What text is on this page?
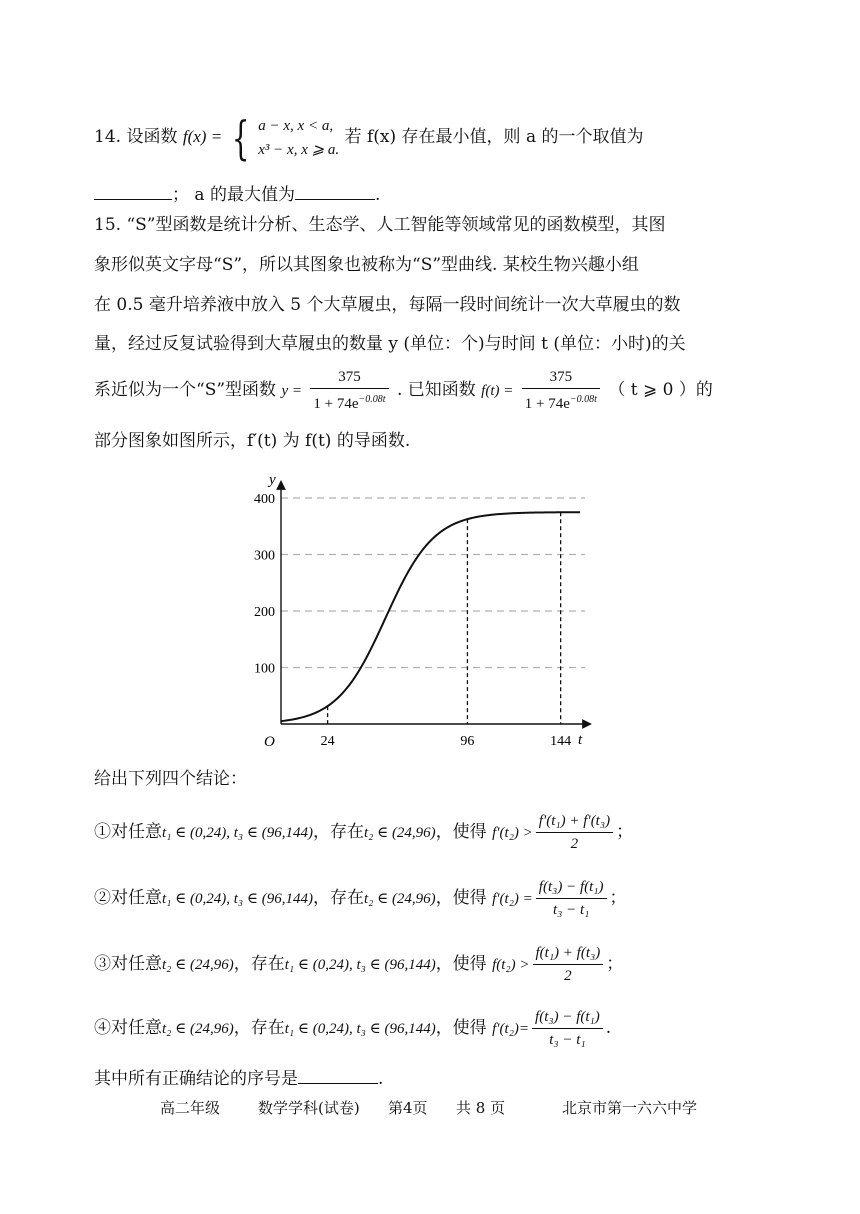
14. 设函数 f(x) = { a − x, x < a,
x³ − x, x ⩾ a.
若 f(x) 存在最小值，则 a 的一个取值为
； a 的最大值为	.
15. “S”型函数是统计分析、生态学、人工智能等领域常见的函数模型，其图
象形似英文字母“S”，所以其图象也被称为“S”型曲线. 某校生物兴趣小组
在 0.5 毫升培养液中放入 5 个大草履虫，每隔一段时间统计一次大草履虫的数
量，经过反复试验得到大草履虫的数量 y (单位：个)与时间 t (单位：小时)的关
系近似为一个“S”型函数 $y = \frac{375}{1 + 74e^{-0.08t}}$ . 已知函数 $f(t) = \frac{375}{1 + 74e^{-0.08t}}$ （ t ⩾ 0 ）的
部分图象如图所示，f′(t) 为 f(t) 的导函数.
y
t
O
100
200
300
400
24	96	144
给出下列四个结论：
①对任意t₁ ∈ (0,24), t₃ ∈ (96,144)，存在t₂ ∈ (24,96)，使得 $f'(t_2) > \frac{\text{f′(t₁) + f′(t₃)}}{2}$ ；
②对任意t₁ ∈ (0,24), t₃ ∈ (96,144)，存在t₂ ∈ (24,96)，使得 $f'(t_2) = \frac{\text{f(t₃) − f(t₁)}}{\text{t₃ − t₁}}$ ；
③对任意t₂ ∈ (24,96)，存在t₁ ∈ (0,24), t₃ ∈ (96,144)，使得 $f(t_2) > \frac{\text{f(t₁) + f(t₃)}}{2}$ ；
④对任意t₂ ∈ (24,96)，存在t₁ ∈ (0,24), t₃ ∈ (96,144)，使得 $f'(t_2)= \frac{\text{f(t₃) − f(t₁)}}{\text{t₃ − t₁}}$ .
其中所有正确结论的序号是	.
高二年级	数学学科(试卷) 第4页 共 8 页	北京市第一六六中学
